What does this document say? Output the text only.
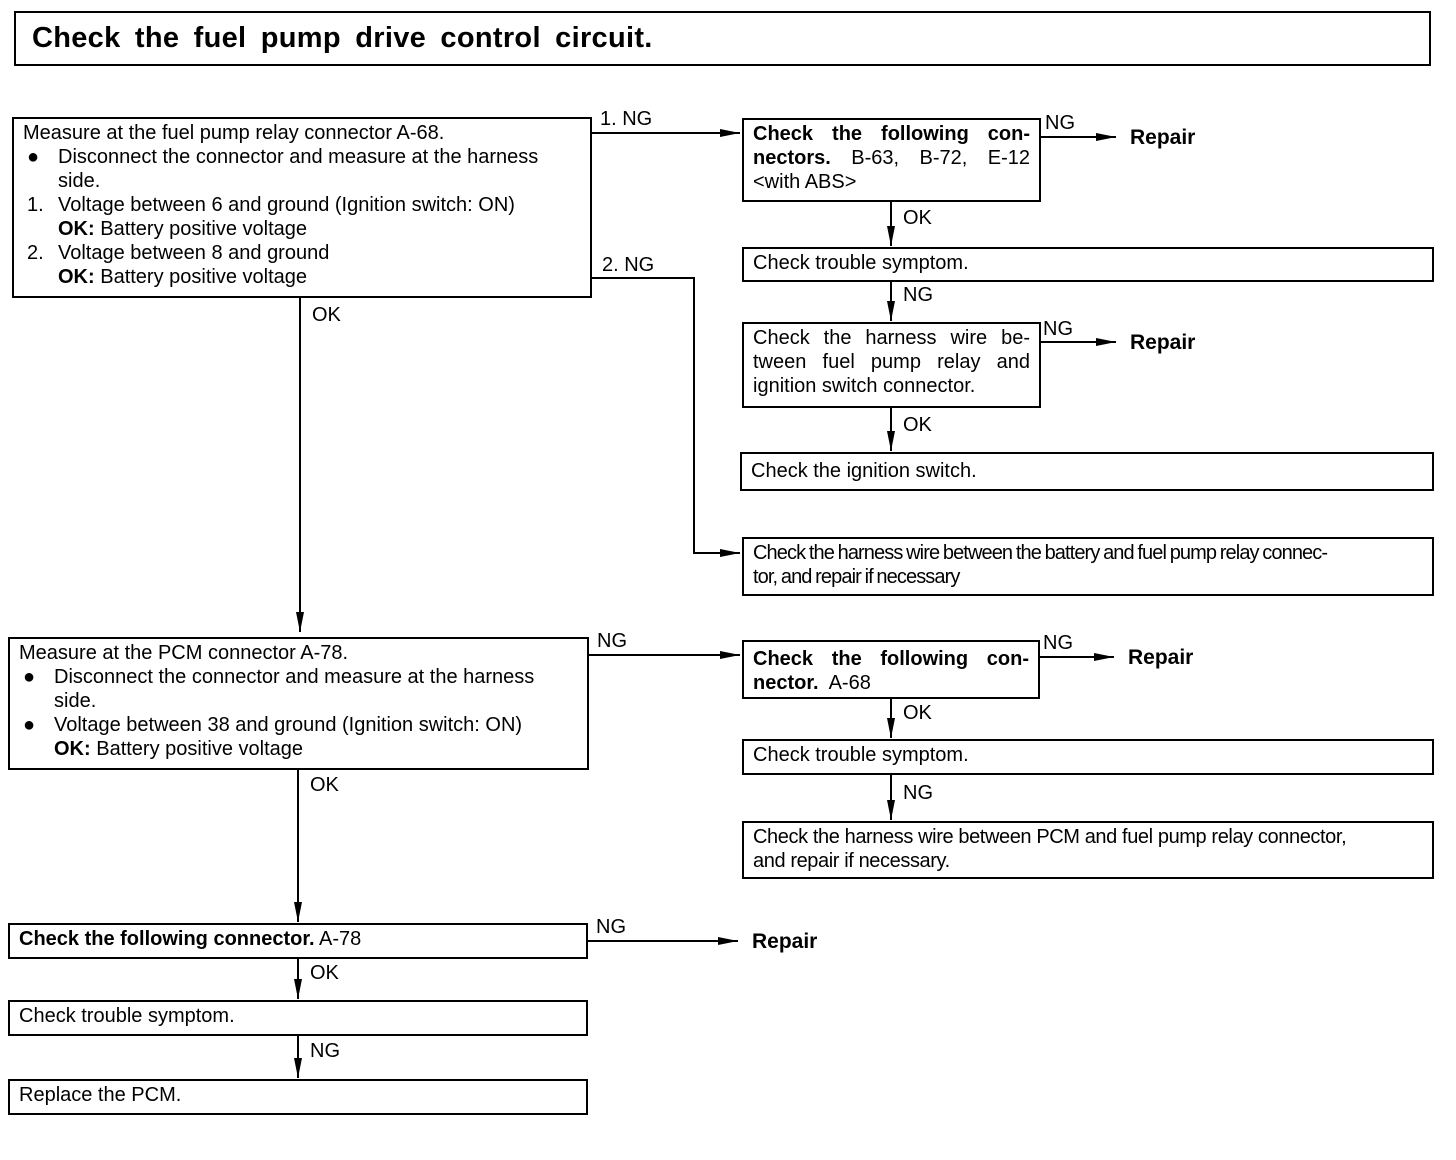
Check the fuel pump drive control circuit.
Measure at the fuel pump relay connector A-68.
● Disconnect the connector and measure at the harness
side.
1. Voltage between 6 and ground (Ignition switch: ON)
OK: Battery positive voltage
2. Voltage between 8 and ground
OK: Battery positive voltage
Check the following con-
nectors. B-63, B-72, E-12
<with ABS>
Check trouble symptom.
Check the harness wire be-
tween fuel pump relay and
ignition switch connector.
Check the ignition switch.
Check the harness wire between the battery and fuel pump relay connec-
tor, and repair if necessary
Measure at the PCM connector A-78.
● Disconnect the connector and measure at the harness
side.
● Voltage between 38 and ground (Ignition switch: ON)
OK: Battery positive voltage
Check the following con-
nector. A-68
Check trouble symptom.
Check the harness wire between PCM and fuel pump relay connector,
and repair if necessary.
Check the following connector. A-78
Check trouble symptom.
Replace the PCM.
1. NG
2. NG
OK
NG
OK
NG
NG
OK
NG
OK
NG
OK
NG
NG
OK
NG
Repair
Repair
Repair
Repair
